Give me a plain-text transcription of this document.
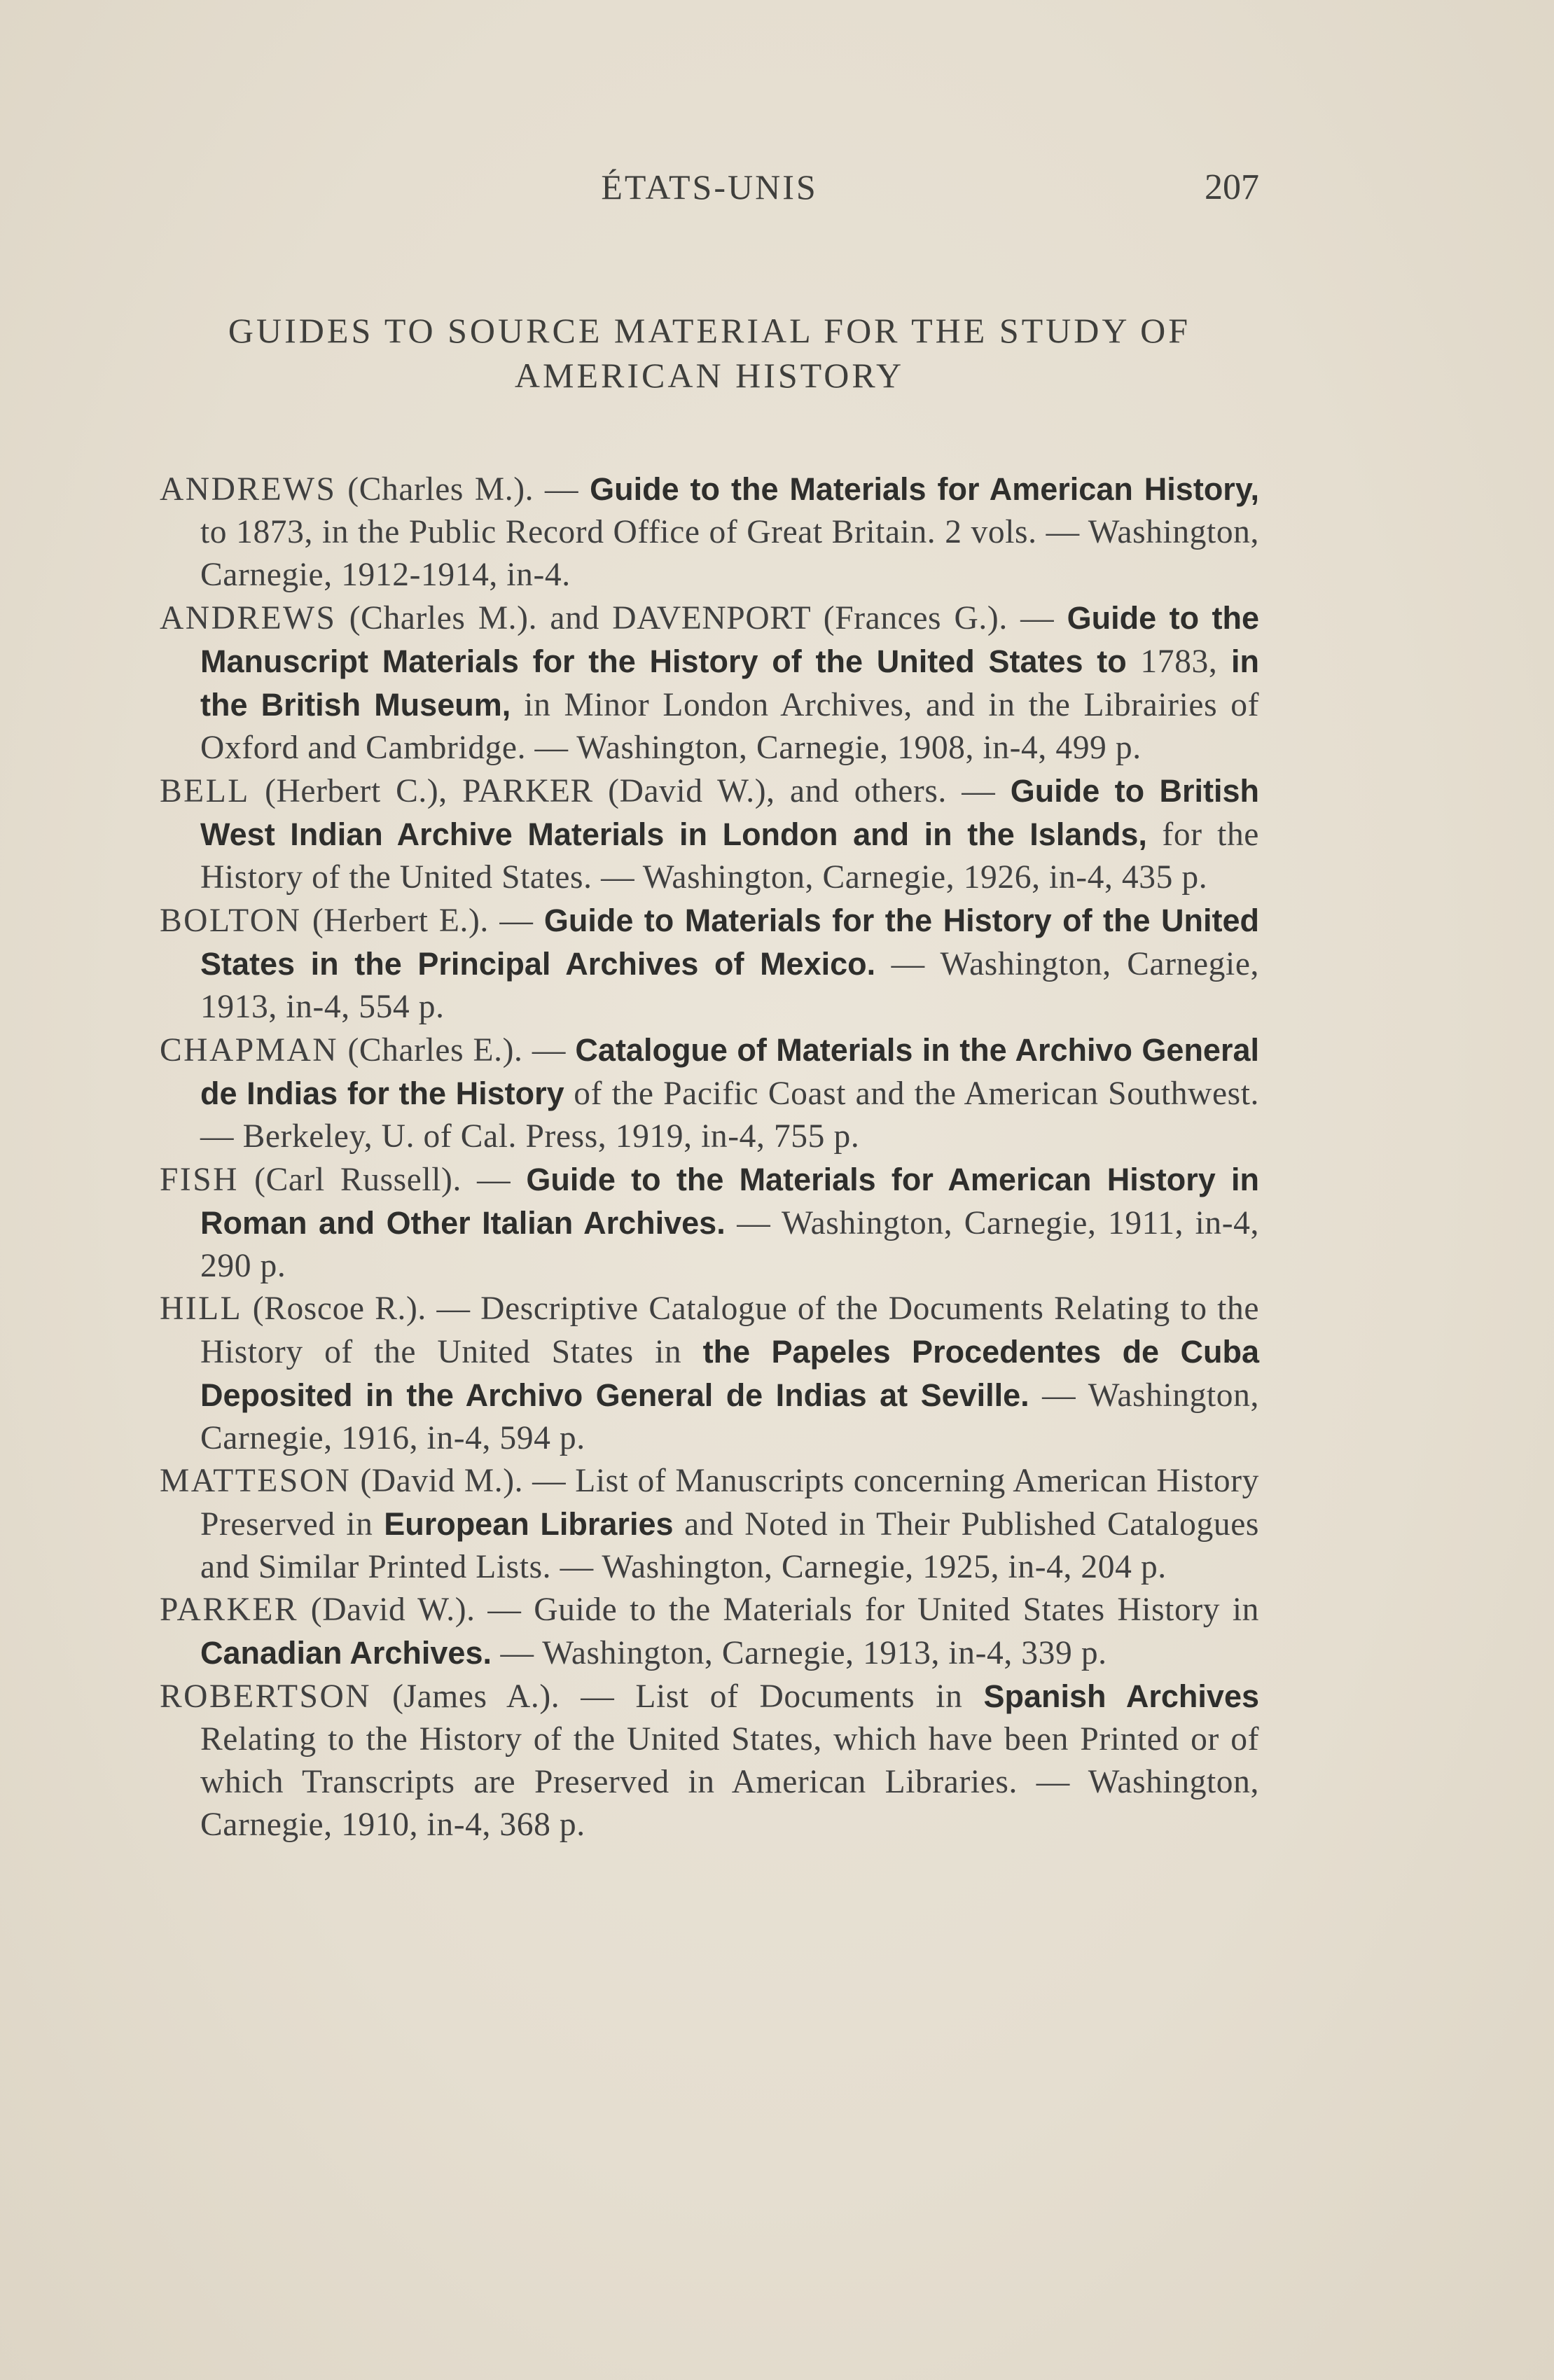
ÉTATS-UNIS	207
GUIDES TO SOURCE MATERIAL FOR THE STUDY OF
AMERICAN HISTORY

ANDREWS (Charles M.). — Guide to the Materials for American History, to 1873, in the Public Record Office of Great Britain. 2 vols. — Washington, Carnegie, 1912-1914, in-4.

ANDREWS (Charles M.). and DAVENPORT (Frances G.). — Guide to the Manuscript Materials for the History of the United States to 1783, in the British Museum, in Minor London Archives, and in the Librairies of Oxford and Cambridge. — Washington, Carnegie, 1908, in-4, 499 p.

BELL (Herbert C.), PARKER (David W.), and others. — Guide to British West Indian Archive Materials in London and in the Islands, for the History of the United States. — Washington, Carnegie, 1926, in-4, 435 p.

BOLTON (Herbert E.). — Guide to Materials for the History of the United States in the Principal Archives of Mexico. — Washington, Carnegie, 1913, in-4, 554 p.

CHAPMAN (Charles E.). — Catalogue of Materials in the Archivo General de Indias for the History of the Pacific Coast and the American Southwest. — Berkeley, U. of Cal. Press, 1919, in-4, 755 p.

FISH (Carl Russell). — Guide to the Materials for American History in Roman and Other Italian Archives. — Washington, Carnegie, 1911, in-4, 290 p.

HILL (Roscoe R.). — Descriptive Catalogue of the Documents Relating to the History of the United States in the Papeles Procedentes de Cuba Deposited in the Archivo General de Indias at Seville. — Washington, Carnegie, 1916, in-4, 594 p.

MATTESON (David M.). — List of Manuscripts concerning American History Preserved in European Libraries and Noted in Their Published Catalogues and Similar Printed Lists. — Washington, Carnegie, 1925, in-4, 204 p.

PARKER (David W.). — Guide to the Materials for United States History in Canadian Archives. — Washington, Carnegie, 1913, in-4, 339 p.

ROBERTSON (James A.). — List of Documents in Spanish Archives Relating to the History of the United States, which have been Printed or of which Transcripts are Preserved in American Libraries. — Washington, Carnegie, 1910, in-4, 368 p.
